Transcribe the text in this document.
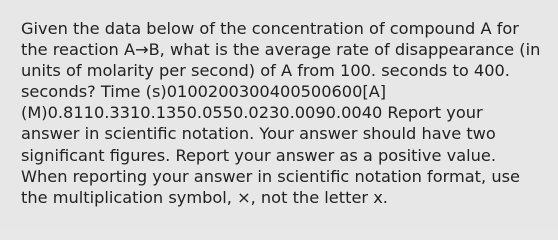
Given the data below of the concentration of compound A for the reaction A→B, what is the average rate of disappearance (in units of molarity per second) of A from 100. seconds to 400. seconds? Time (s)0100200300400500600[A](M)0.8110.3310.1350.0550.0230.0090.0040 Report your answer in scientific notation. Your answer should have two significant figures. Report your answer as a positive value. When reporting your answer in scientific notation format, use the multiplication symbol, ×, not the letter x.
